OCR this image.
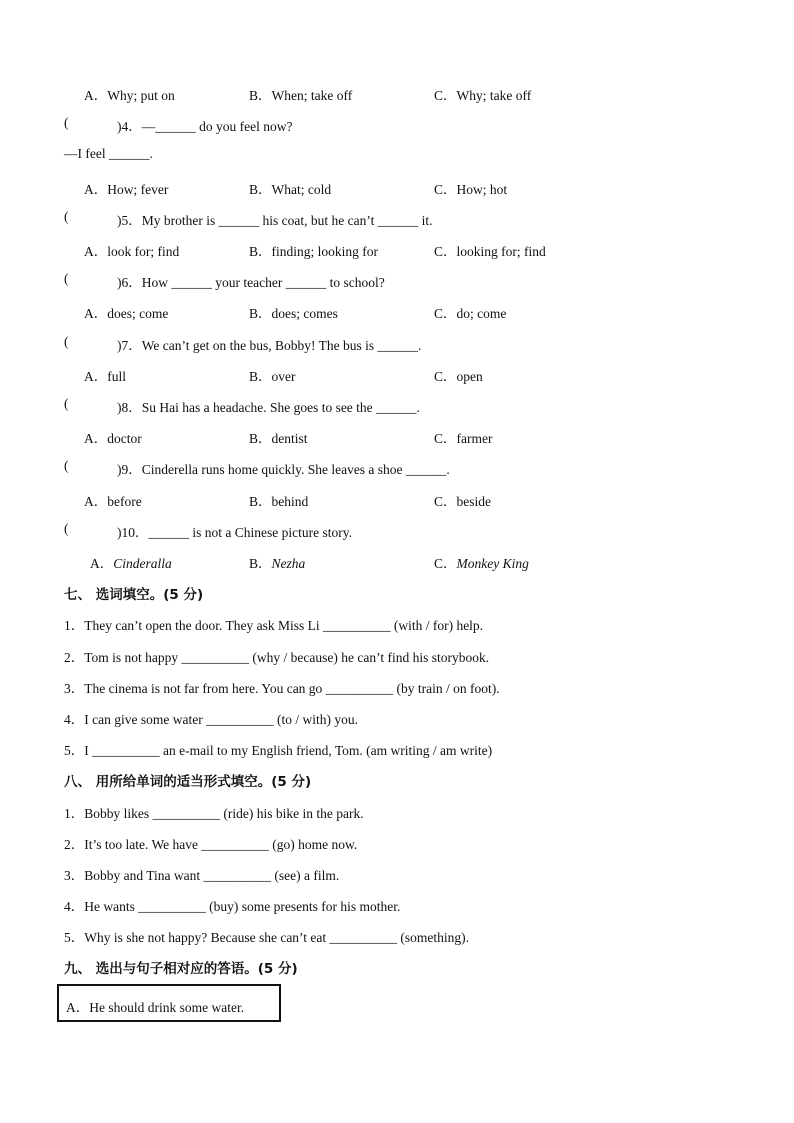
A．Why; put on	B．When; take off	C．Why; take off
(	)4．—______ do you feel now?
—I feel ______.
A．How; fever	B．What; cold	C．How; hot
(	)5．My brother is ______ his coat, but he can’t ______ it.
A．look for; find	B．finding; looking for	C．looking for; find
(	)6．How ______ your teacher ______ to school?
A．does; come	B．does; comes	C．do; come
(	)7．We can’t get on the bus, Bobby! The bus is ______.
A．full	B．over	C．open
(	)8．Su Hai has a headache. She goes to see the ______.
A．doctor	B．dentist	C．farmer
(	)9．Cinderella runs home quickly. She leaves a shoe ______.
A．before	B．behind	C．beside
(	)10．______ is not a Chinese picture story.
A．Cinderalla	B．Nezha	C．Monkey King
七、 选词填空。(5 分)
1．They can’t open the door. They ask Miss Li __________ (with / for) help.
2．Tom is not happy __________ (why / because) he can’t find his storybook.
3．The cinema is not far from here. You can go __________ (by train / on foot).
4．I can give some water __________ (to / with) you.
5．I __________ an e-mail to my English friend, Tom. (am writing / am write)
八、 用所给单词的适当形式填空。(5 分)
1．Bobby likes __________ (ride) his bike in the park.
2．It’s too late. We have __________ (go) home now.
3．Bobby and Tina want __________ (see) a film.
4．He wants __________ (buy) some presents for his mother.
5．Why is she not happy? Because she can’t eat __________ (something).
九、 选出与句子相对应的答语。(5 分)
A．He should drink some water.
